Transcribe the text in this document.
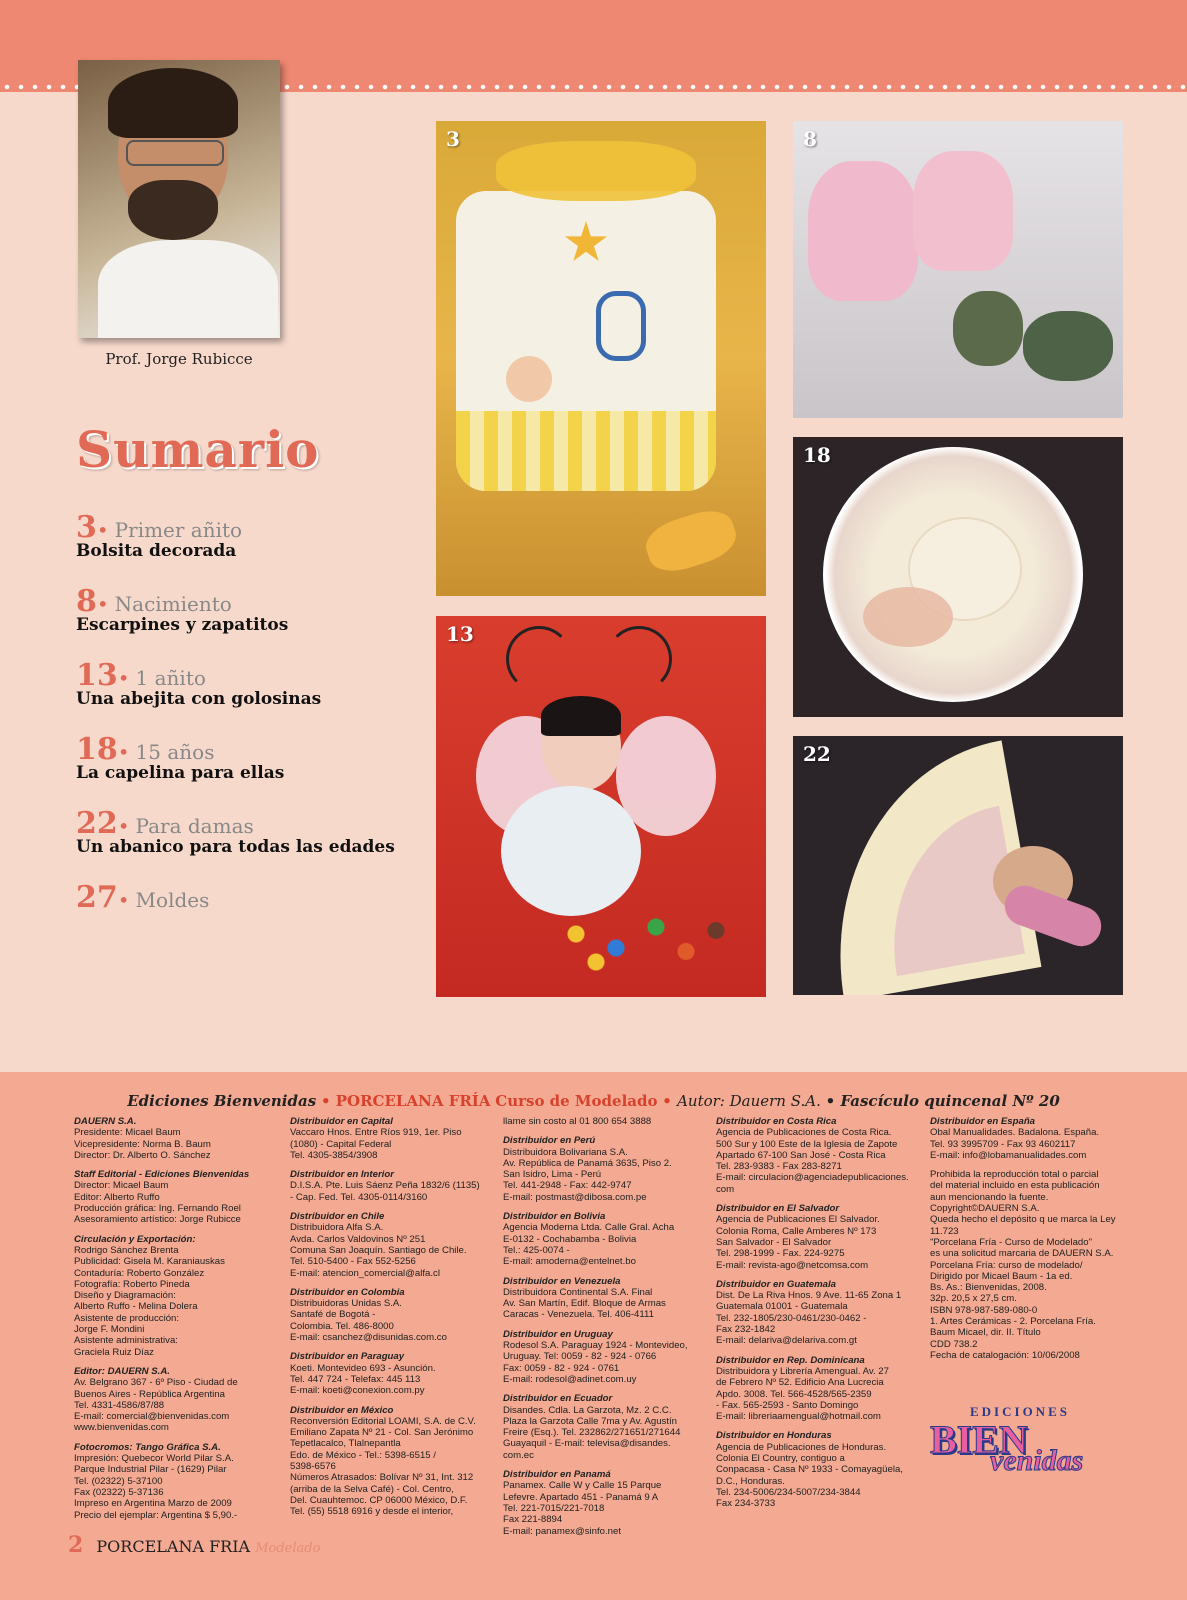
Prof. Jorge Rubicce
Sumario
3• Primer añito
Bolsita decorada
8• Nacimiento
Escarpines y zapatitos
13• 1 añito
Una abejita con golosinas
18• 15 años
La capelina para ellas
22• Para damas
Un abanico para todas las edades
27• Moldes
3	8
18
22
13
Ediciones Bienvenidas • PORCELANA FRÍA Curso de Modelado • Autor: Dauern S.A. • Fascículo quincenal Nº 20

DAUERN S.A.
Presidente: Micael Baum
Vicepresidente: Norma B. Baum
Director: Dr. Alberto O. Sánchez

Staff Editorial - Ediciones Bienvenidas
Director: Micael Baum
Editor: Alberto Ruffo
Producción gráfica: Ing. Fernando Roel
Asesoramiento artístico: Jorge Rubicce

Circulación y Exportación:
Rodrigo Sánchez Brenta
Publicidad: Gisela M. Karaniauskas
Contaduría: Roberto González
Fotografía: Roberto Pineda
Diseño y Diagramación:
Alberto Ruffo - Melina Dolera
Asistente de producción:
Jorge F. Mondini
Asistente administrativa:
Graciela Ruiz Díaz

Editor: DAUERN S.A.
Av. Belgrano 367 - 6º Piso - Ciudad de
Buenos Aires - República Argentina
Tel. 4331-4586/87/88
E-mail: comercial@bienvenidas.com
www.bienvenidas.com

Fotocromos: Tango Gráfica S.A.
Impresión: Quebecor World Pilar S.A.
Parque Industrial Pilar - (1629) Pilar
Tel. (02322) 5-37100
Fax (02322) 5-37136
Impreso en Argentina Marzo de 2009
Precio del ejemplar: Argentina $ 5,90.-

Distribuidor en Capital
Vaccaro Hnos. Entre Ríos 919, 1er. Piso
(1080) - Capital Federal
Tel. 4305-3854/3908

Distribuidor en Interior
D.I.S.A. Pte. Luis Sáenz Peña 1832/6 (1135)
- Cap. Fed. Tel. 4305-0114/3160

Distribuidor en Chile
Distribuidora Alfa S.A.
Avda. Carlos Valdovinos Nº 251
Comuna San Joaquín. Santiago de Chile.
Tel. 510-5400 - Fax 552-5256
E-mail: atencion_comercial@alfa.cl

Distribuidor en Colombia
Distribuidoras Unidas S.A.
Santafé de Bogotá -
Colombia. Tel. 486-8000
E-mail: csanchez@disunidas.com.co

Distribuidor en Paraguay
Koeti. Montevideo 693 - Asunción.
Tel. 447 724 - Telefax: 445 113
E-mail: koeti@conexion.com.py

Distribuidor en México
Reconversión Editorial LOAMI, S.A. de C.V.
Emiliano Zapata Nº 21 - Col. San Jerónimo
Tepetlacalco, Tlalnepantla
Edo. de México - Tel.: 5398-6515 /
5398-6576
Números Atrasados: Bolívar Nº 31, Int. 312
(arriba de la Selva Café) - Col. Centro,
Del. Cuauhtemoc. CP 06000 México, D.F.
Tel. (55) 5518 6916 y desde el interior,

llame sin costo al 01 800 654 3888

Distribuidor en Perú
Distribuidora Bolivariana S.A.
Av. República de Panamá 3635, Piso 2.
San Isidro, Lima - Perú
Tel. 441-2948 - Fax: 442-9747
E-mail: postmast@dibosa.com.pe

Distribuidor en Bolivia
Agencia Moderna Ltda. Calle Gral. Acha
E-0132 - Cochabamba - Bolivia
Tel.: 425-0074 -
E-mail: amoderna@entelnet.bo

Distribuidor en Venezuela
Distribuidora Continental S.A. Final
Av. San Martín, Edif. Bloque de Armas
Caracas - Venezuela. Tel. 406-4111

Distribuidor en Uruguay
Rodesol S.A. Paraguay 1924 - Montevideo,
Uruguay. Tel: 0059 - 82 - 924 - 0766
Fax: 0059 - 82 - 924 - 0761
E-mail: rodesol@adinet.com.uy

Distribuidor en Ecuador
Disandes. Cdla. La Garzota, Mz. 2 C.C.
Plaza la Garzota Calle 7ma y Av. Agustín
Freire (Esq.). Tel. 232862/271651/271644
Guayaquil - E-mail: televisa@disandes.
com.ec

Distribuidor en Panamá
Panamex. Calle W y Calle 15 Parque
Lefevre. Apartado 451 - Panamá 9 A
Tel. 221-7015/221-7018
Fax 221-8894
E-mail: panamex@sinfo.net

Distribuidor en Costa Rica
Agencia de Publicaciones de Costa Rica.
500 Sur y 100 Este de la Iglesia de Zapote
Apartado 67-100 San José - Costa Rica
Tel. 283-9383 - Fax 283-8271
E-mail: circulacion@agenciadepublicaciones.
com

Distribuidor en El Salvador
Agencia de Publicaciones El Salvador.
Colonia Roma, Calle Amberes Nº 173
San Salvador - El Salvador
Tel. 298-1999 - Fax. 224-9275
E-mail: revista-ago@netcomsa.com

Distribuidor en Guatemala
Dist. De La Riva Hnos. 9 Ave. 11-65 Zona 1
Guatemala 01001 - Guatemala
Tel. 232-1805/230-0461/230-0462 -
Fax 232-1842
E-mail: delariva@delariva.com.gt

Distribuidor en Rep. Dominicana
Distribuidora y Librería Amengual. Av. 27
de Febrero Nº 52. Edificio Ana Lucrecia
Apdo. 3008. Tel. 566-4528/565-2359
- Fax. 565-2593 - Santo Domingo
E-mail: libreriaamengual@hotmail.com

Distribuidor en Honduras
Agencia de Publicaciones de Honduras.
Colonia El Country, contiguo a
Conpacasa - Casa Nº 1933 - Comayagüela,
D.C., Honduras.
Tel. 234-5006/234-5007/234-3844
Fax 234-3733

Distribuidor en España
Obal Manualidades. Badalona. España.
Tel. 93 3995709 - Fax 93 4602117
E-mail: info@lobamanualidades.com

Prohibida la reproducción total o parcial
del material incluido en esta publicación
aun mencionando la fuente.
Copyright©DAUERN S.A.
Queda hecho el depósito q ue marca la Ley 11.723
"Porcelana Fría - Curso de Modelado"
es una solicitud marcaria de DAUERN S.A.
Porcelana Fría: curso de modelado/
Dirigido por Micael Baum - 1a ed.
Bs. As.: Bienvenidas, 2008.
32p. 20,5 x 27,5 cm.
ISBN 978-987-589-080-0
1. Artes Cerámicas - 2. Porcelana Fría.
Baum Micael, dir. II. Título
CDD 738.2
Fecha de catalogación: 10/06/2008

EDICIONES
BIEN
venidas
2 PORCELANA FRIA Modelado
